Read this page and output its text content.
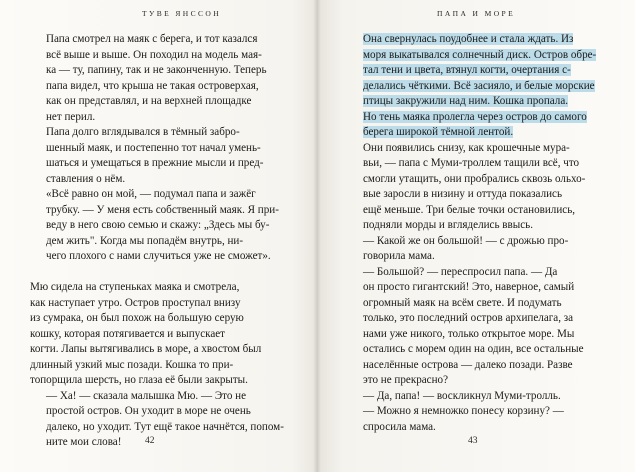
ТУВЕ ЯНССОН

Папа смотрел на маяк с берега, и тот казался
всё выше и выше. Он походил на модель мая-
ка — ту, папину, так и не законченную. Теперь
папа видел, что крыша не такая островерхая,
как он представлял, и на верхней площадке
нет перил.

Папа долго вглядывался в тёмный забро-
шенный маяк, и постепенно тот начал умень-
шаться и умещаться в прежние мысли и пред-
ставления о нём.

«Всё равно он мой, — подумал папа и зажёг
трубку. — У меня есть собственный маяк. Я при-
веду в него свою семью и скажу: „Здесь мы бу-
дем жить". Когда мы попадём внутрь, ни-
чего плохого с нами случиться уже не сможет».

Мю сидела на ступеньках маяка и смотрела,
как наступает утро. Остров проступал внизу
из сумрака, он был похож на большую серую
кошку, которая потягивается и выпускает
когти. Лапы вытягивались в море, а хвостом был
длинный узкий мыс позади. Кошка то при-
топорщила шерсть, но глаза её были закрыты.

— Ха! — сказала малышка Мю. — Это не
простой остров. Он уходит в море не очень
далеко, но уходит. Тут ещё такое начнётся, попом-
ните мои слова!	42
ПАПА И МОРЕ

Она свернулась поудобнее и стала ждать. Из
моря выкатывался солнечный диск. Остров обре-
тал тени и цвета, втянул когти, очертания с-
делались чёткими. Всё засияло, и белые морские
птицы закружили над ним. Кошка пропала.
Но тень маяка пролегла через остров до самого
берега широкой тёмной лентой.

Они появились снизу, как крошечные мура-
вьи, — папа с Муми-троллем тащили всё, что
смогли утащить, они пробрались сквозь ольхо-
вые заросли в низину и оттуда показались
ещё меньше. Три белые точки остановились,
подняли морды и вгляделись ввысь.

— Какой же он большой! — с дрожью про-
говорила мама.

— Большой? — переспросил папа. — Да
он просто гигантский! Это, наверное, самый
огромный маяк на всём свете. И подумать
только, это последний остров архипелага, за
нами уже никого, только открытое море. Мы
остались с морем один на один, все остальные
населённые острова — далеко позади. Разве
это не прекрасно?

— Да, папа! — воскликнул Муми-тролль.

— Можно я немножко понесу корзину? —
спросила мама.

43
